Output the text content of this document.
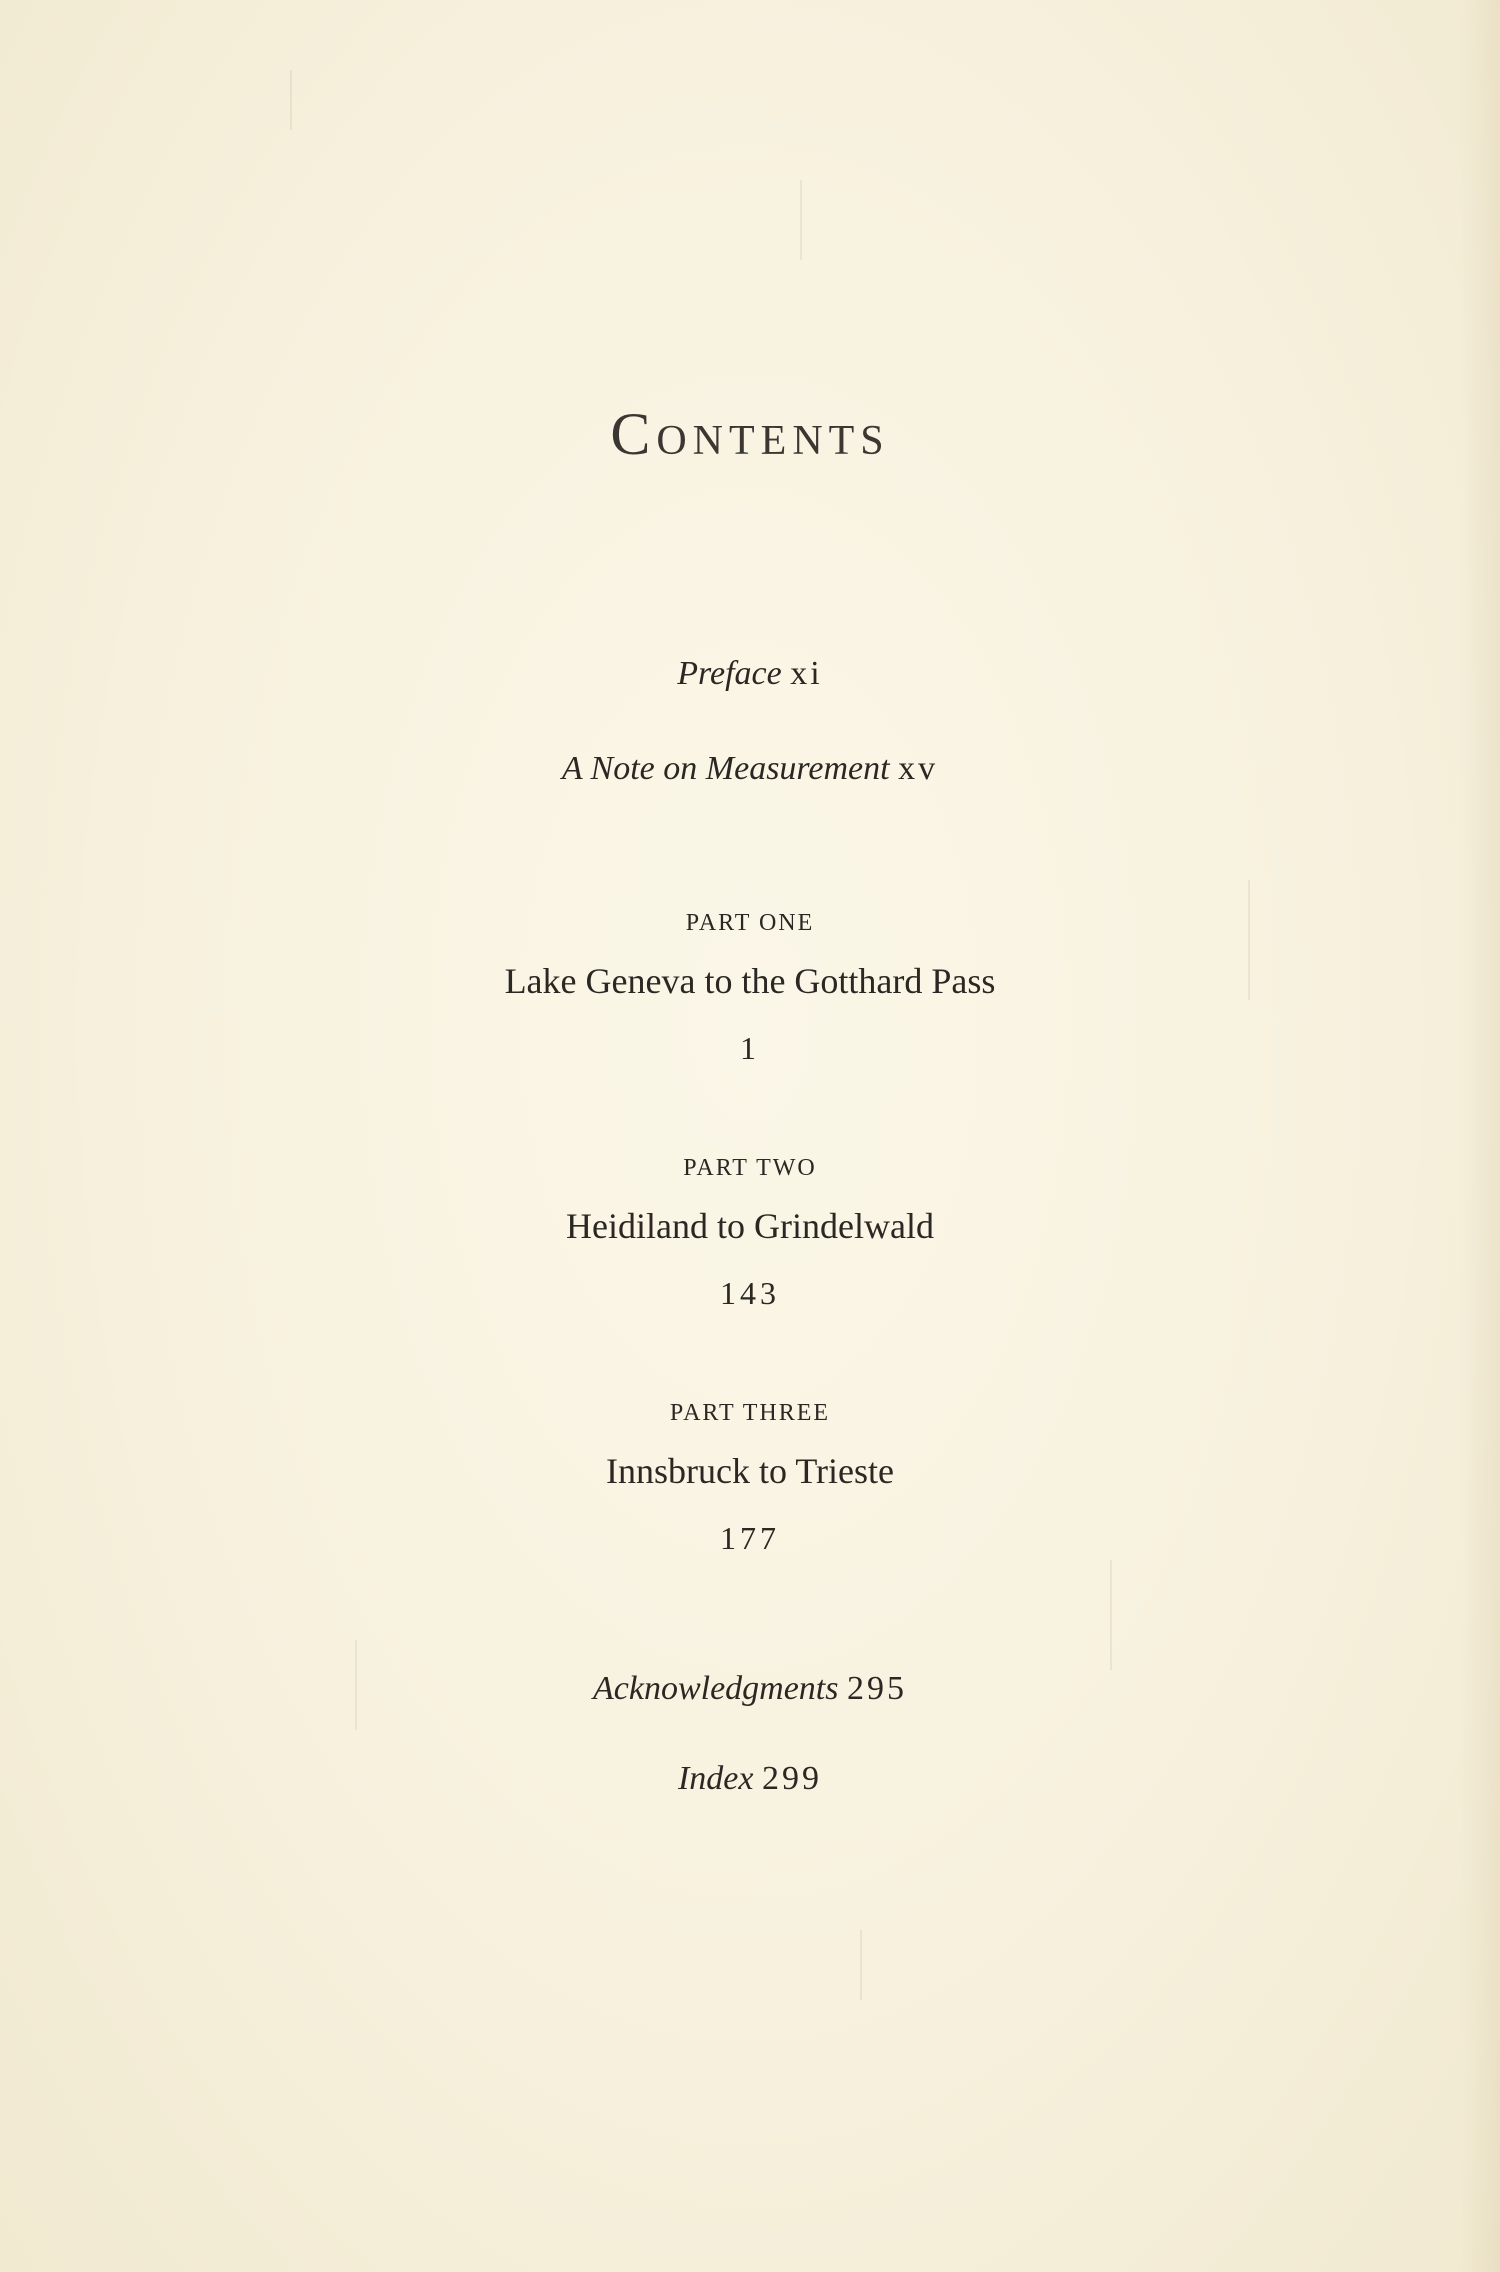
Contents
Preface xi
A Note on Measurement xv
PART ONE
Lake Geneva to the Gotthard Pass
1
PART TWO
Heidiland to Grindelwald
143
PART THREE
Innsbruck to Trieste
177
Acknowledgments 295
Index 299
